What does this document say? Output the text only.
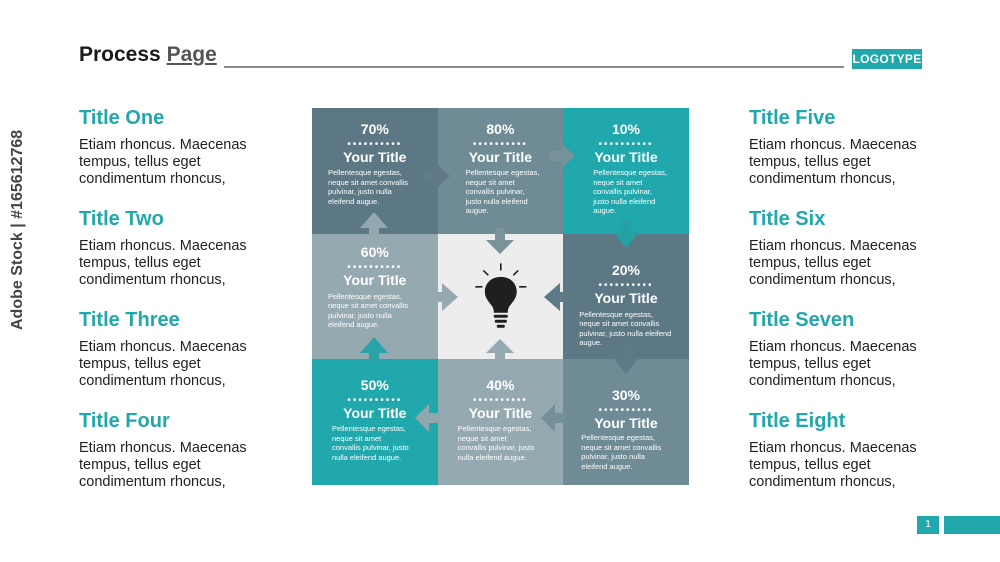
Process Page	LOGOTYPE
Title One
Etiam rhoncus. Maecenas tempus, tellus eget condimentum rhoncus,
Title Two
Etiam rhoncus. Maecenas tempus, tellus eget condimentum rhoncus,
Title Three
Etiam rhoncus. Maecenas tempus, tellus eget condimentum rhoncus,
Title Four
Etiam rhoncus. Maecenas tempus, tellus eget condimentum rhoncus,
Title Five
Etiam rhoncus. Maecenas tempus, tellus eget condimentum rhoncus,
Title Six
Etiam rhoncus. Maecenas tempus, tellus eget condimentum rhoncus,
Title Seven
Etiam rhoncus. Maecenas tempus, tellus eget condimentum rhoncus,
Title Eight
Etiam rhoncus. Maecenas tempus, tellus eget condimentum rhoncus,
70%
••••••••••
Your Title
Pellentesque egestas, neque sit amet convallis pulvinar, justo nulla eleifend augue.
80%
••••••••••
Your Title
Pellentesque egestas, neque sit amet convallis pulvinar, justo nulla eleifend augue.
10%
••••••••••
Your Title
Pellentesque egestas, neque sit amet convallis pulvinar, justo nulla eleifend augue.
60%
••••••••••
Your Title
Pellentesque egestas, neque sit amet convallis pulvinar, justo nulla eleifend augue.
20%
••••••••••
Your Title
Pellentesque egestas, neque sit amet convallis pulvinar, justo nulla eleifend augue.
50%
••••••••••
Your Title
Pellentesque egestas, neque sit amet convallis pulvinar, justo nulla eleifend augue.
40%
••••••••••
Your Title
Pellentesque egestas, neque sit amet convallis pulvinar, justo nulla eleifend augue.
30%
••••••••••
Your Title
Pellentesque egestas, neque sit amet convallis pulvinar, justo nulla eleifend augue.
Adobe Stock | #165612768
1
